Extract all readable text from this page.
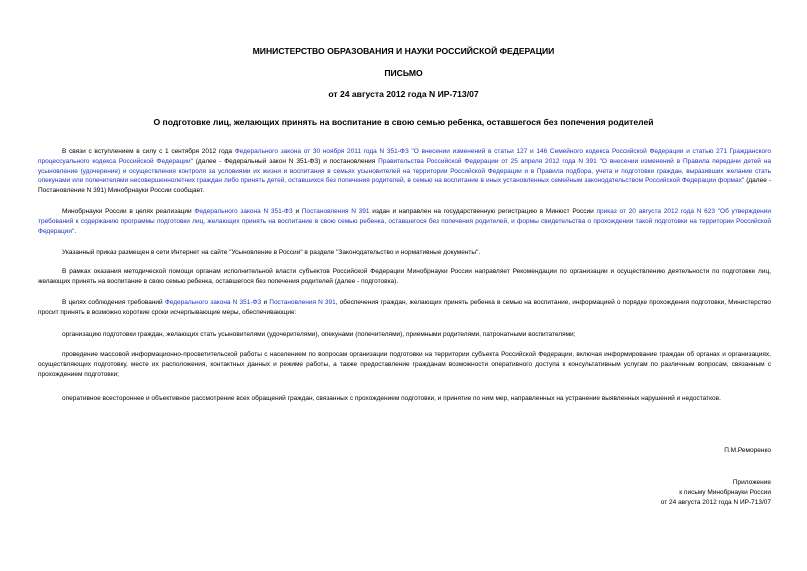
МИНИСТЕРСТВО ОБРАЗОВАНИЯ И НАУКИ РОССИЙСКОЙ ФЕДЕРАЦИИ
ПИСЬМО
от 24 августа 2012 года N ИР-713/07
О подготовке лиц, желающих принять на воспитание в свою семью ребенка, оставшегося без попечения родителей
В связи с вступлением в силу с 1 сентября 2012 года Федерального закона от 30 ноября 2011 года N 351-ФЗ "О внесении изменений в статьи 127 и 146 Семейного кодекса Российской Федерации и статью 271 Гражданского процессуального кодекса Российской Федерации" (далее - Федеральный закон N 351-ФЗ) и постановления Правительства Российской Федерации от 25 апреля 2012 года N 391 "О внесении изменений в Правила передачи детей на усыновление (удочерение) и осуществления контроля за условиями их жизни и воспитания в семьях усыновителей на территории Российской Федерации и в Правила подбора, учета и подготовки граждан, выразивших желание стать опекунами или попечителями несовершеннолетних граждан либо принять детей, оставшихся без попечения родителей, в семью на воспитание в иных установленных семейным законодательством Российской Федерации формах" (далее - Постановление N 391) Минобрнауки России сообщает.
Минобрнауки России в целях реализации Федерального закона N 351-ФЗ и Постановления N 391 издан и направлен на государственную регистрацию в Минюст России приказ от 20 августа 2012 года N 623 "Об утверждении требований к содержанию программы подготовки лиц, желающих принять на воспитание в свою семью ребенка, оставшегося без попечения родителей, и формы свидетельства о прохождении такой подготовки на территории Российской Федерации".
Указанный приказ размещен в сети Интернет на сайте "Усыновление в России" в разделе "Законодательство и нормативные документы".
В рамках оказания методической помощи органам исполнительной власти субъектов Российской Федерации Минобрнауки России направляет Рекомендации по организации и осуществлению деятельности по подготовке лиц, желающих принять на воспитание в свою семью ребенка, оставшегося без попечения родителей (далее - подготовка).
В целях соблюдения требований Федерального закона N 351-ФЗ и Постановления N 391, обеспечения граждан, желающих принять ребенка в семью на воспитание, информацией о порядке прохождения подготовки, Министерство просит принять в возможно короткие сроки исчерпывающие меры, обеспечивающие:
организацию подготовки граждан, желающих стать усыновителями (удочерителями), опекунами (попечителями), приемными родителями, патронатными воспитателями;
проведение массовой информационно-просветительской работы с населением по вопросам организации подготовки на территории субъекта Российской Федерации, включая информирование граждан об органах и организациях, осуществляющих подготовку, месте их расположения, контактных данных и режиме работы, а также предоставление гражданам возможности оперативного доступа к консультативным услугам по различным вопросам, связанным с прохождением подготовки;
оперативное всестороннее и объективное рассмотрение всех обращений граждан, связанных с прохождением подготовки, и принятие по ним мер, направленных на устранение выявленных нарушений и недостатков.
П.М.Реморенко
Приложение
к письму Минобрнауки России
от 24 августа 2012 года N ИР-713/07
